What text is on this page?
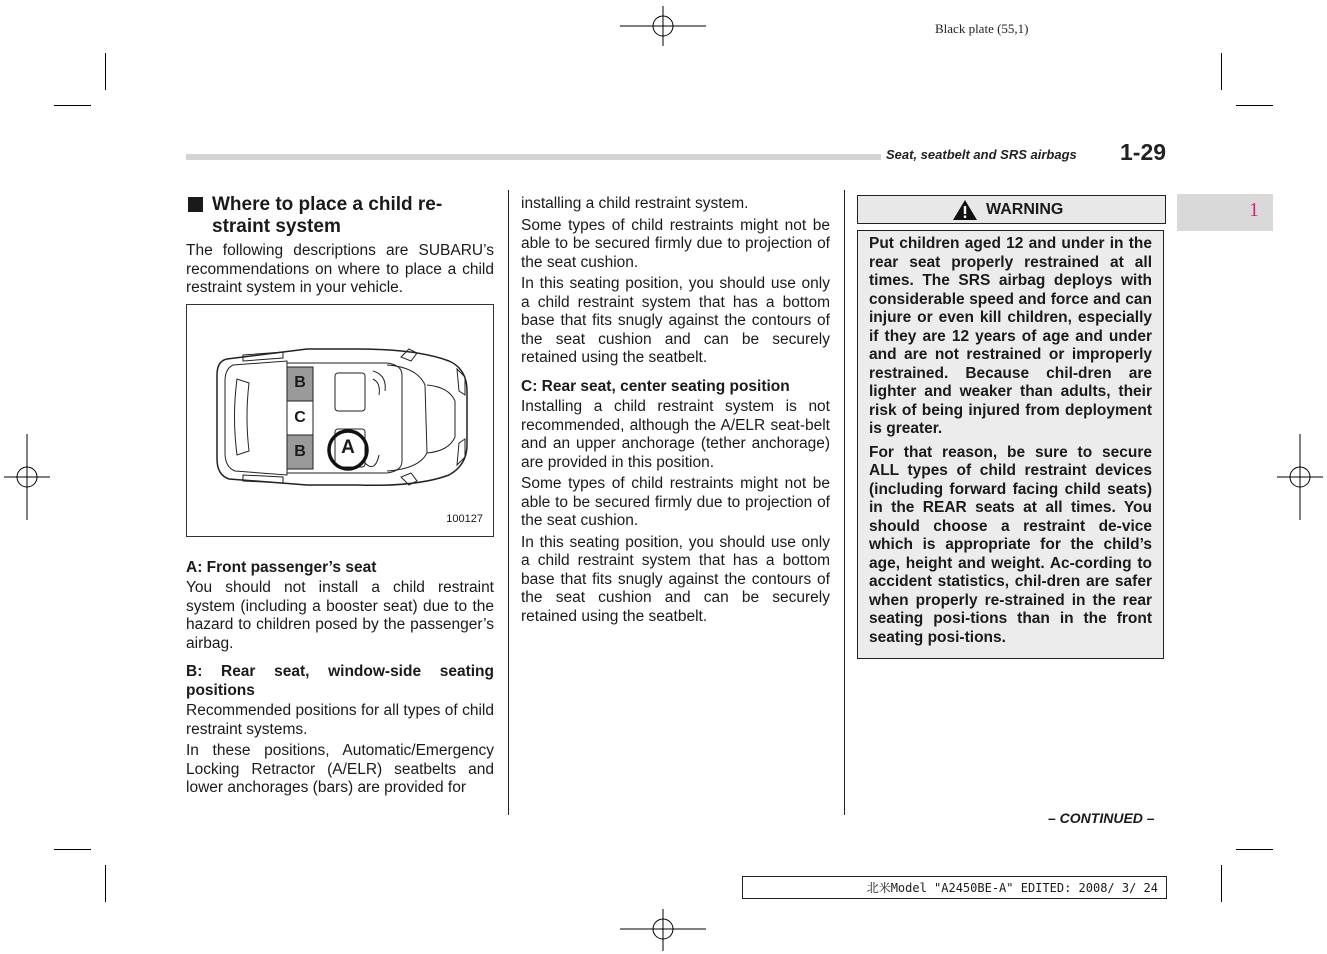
Black plate (55,1)
Seat, seatbelt and SRS airbags 1-29
1
Where to place a child re-straint system

The following descriptions are SUBARU’s recommendations on where to place a child restraint system in your vehicle.

B
C
B	A
100127

A: Front passenger’s seat

You should not install a child restraint system (including a booster seat) due to the hazard to children posed by the passenger’s airbag.

B: Rear seat, window-side seating positions

Recommended positions for all types of child restraint systems.

In these positions, Automatic/Emergency Locking Retractor (A/ELR) seatbelts and lower anchorages (bars) are provided for

installing a child restraint system.

Some types of child restraints might not be able to be secured firmly due to projection of the seat cushion.

In this seating position, you should use only a child restraint system that has a bottom base that fits snugly against the contours of the seat cushion and can be securely retained using the seatbelt.

C: Rear seat, center seating position

Installing a child restraint system is not recommended, although the A/ELR seat-belt and an upper anchorage (tether anchorage) are provided in this position.

Some types of child restraints might not be able to be secured firmly due to projection of the seat cushion.

In this seating position, you should use only a child restraint system that has a bottom base that fits snugly against the contours of the seat cushion and can be securely retained using the seatbelt.

WARNING

Put children aged 12 and under in the rear seat properly restrained at all times. The SRS airbag deploys with considerable speed and force and can injure or even kill children, especially if they are 12 years of age and under and are not restrained or improperly restrained. Because chil-dren are lighter and weaker than adults, their risk of being injured from deployment is greater.

For that reason, be sure to secure ALL types of child restraint devices (including forward facing child seats) in the REAR seats at all times. You should choose a restraint de-vice which is appropriate for the child’s age, height and weight. Ac-cording to accident statistics, chil-dren are safer when properly re-strained in the rear seating posi-tions than in the front seating posi-tions.

– CONTINUED –
北米Model "A2450BE-A" EDITED: 2008/ 3/ 24
